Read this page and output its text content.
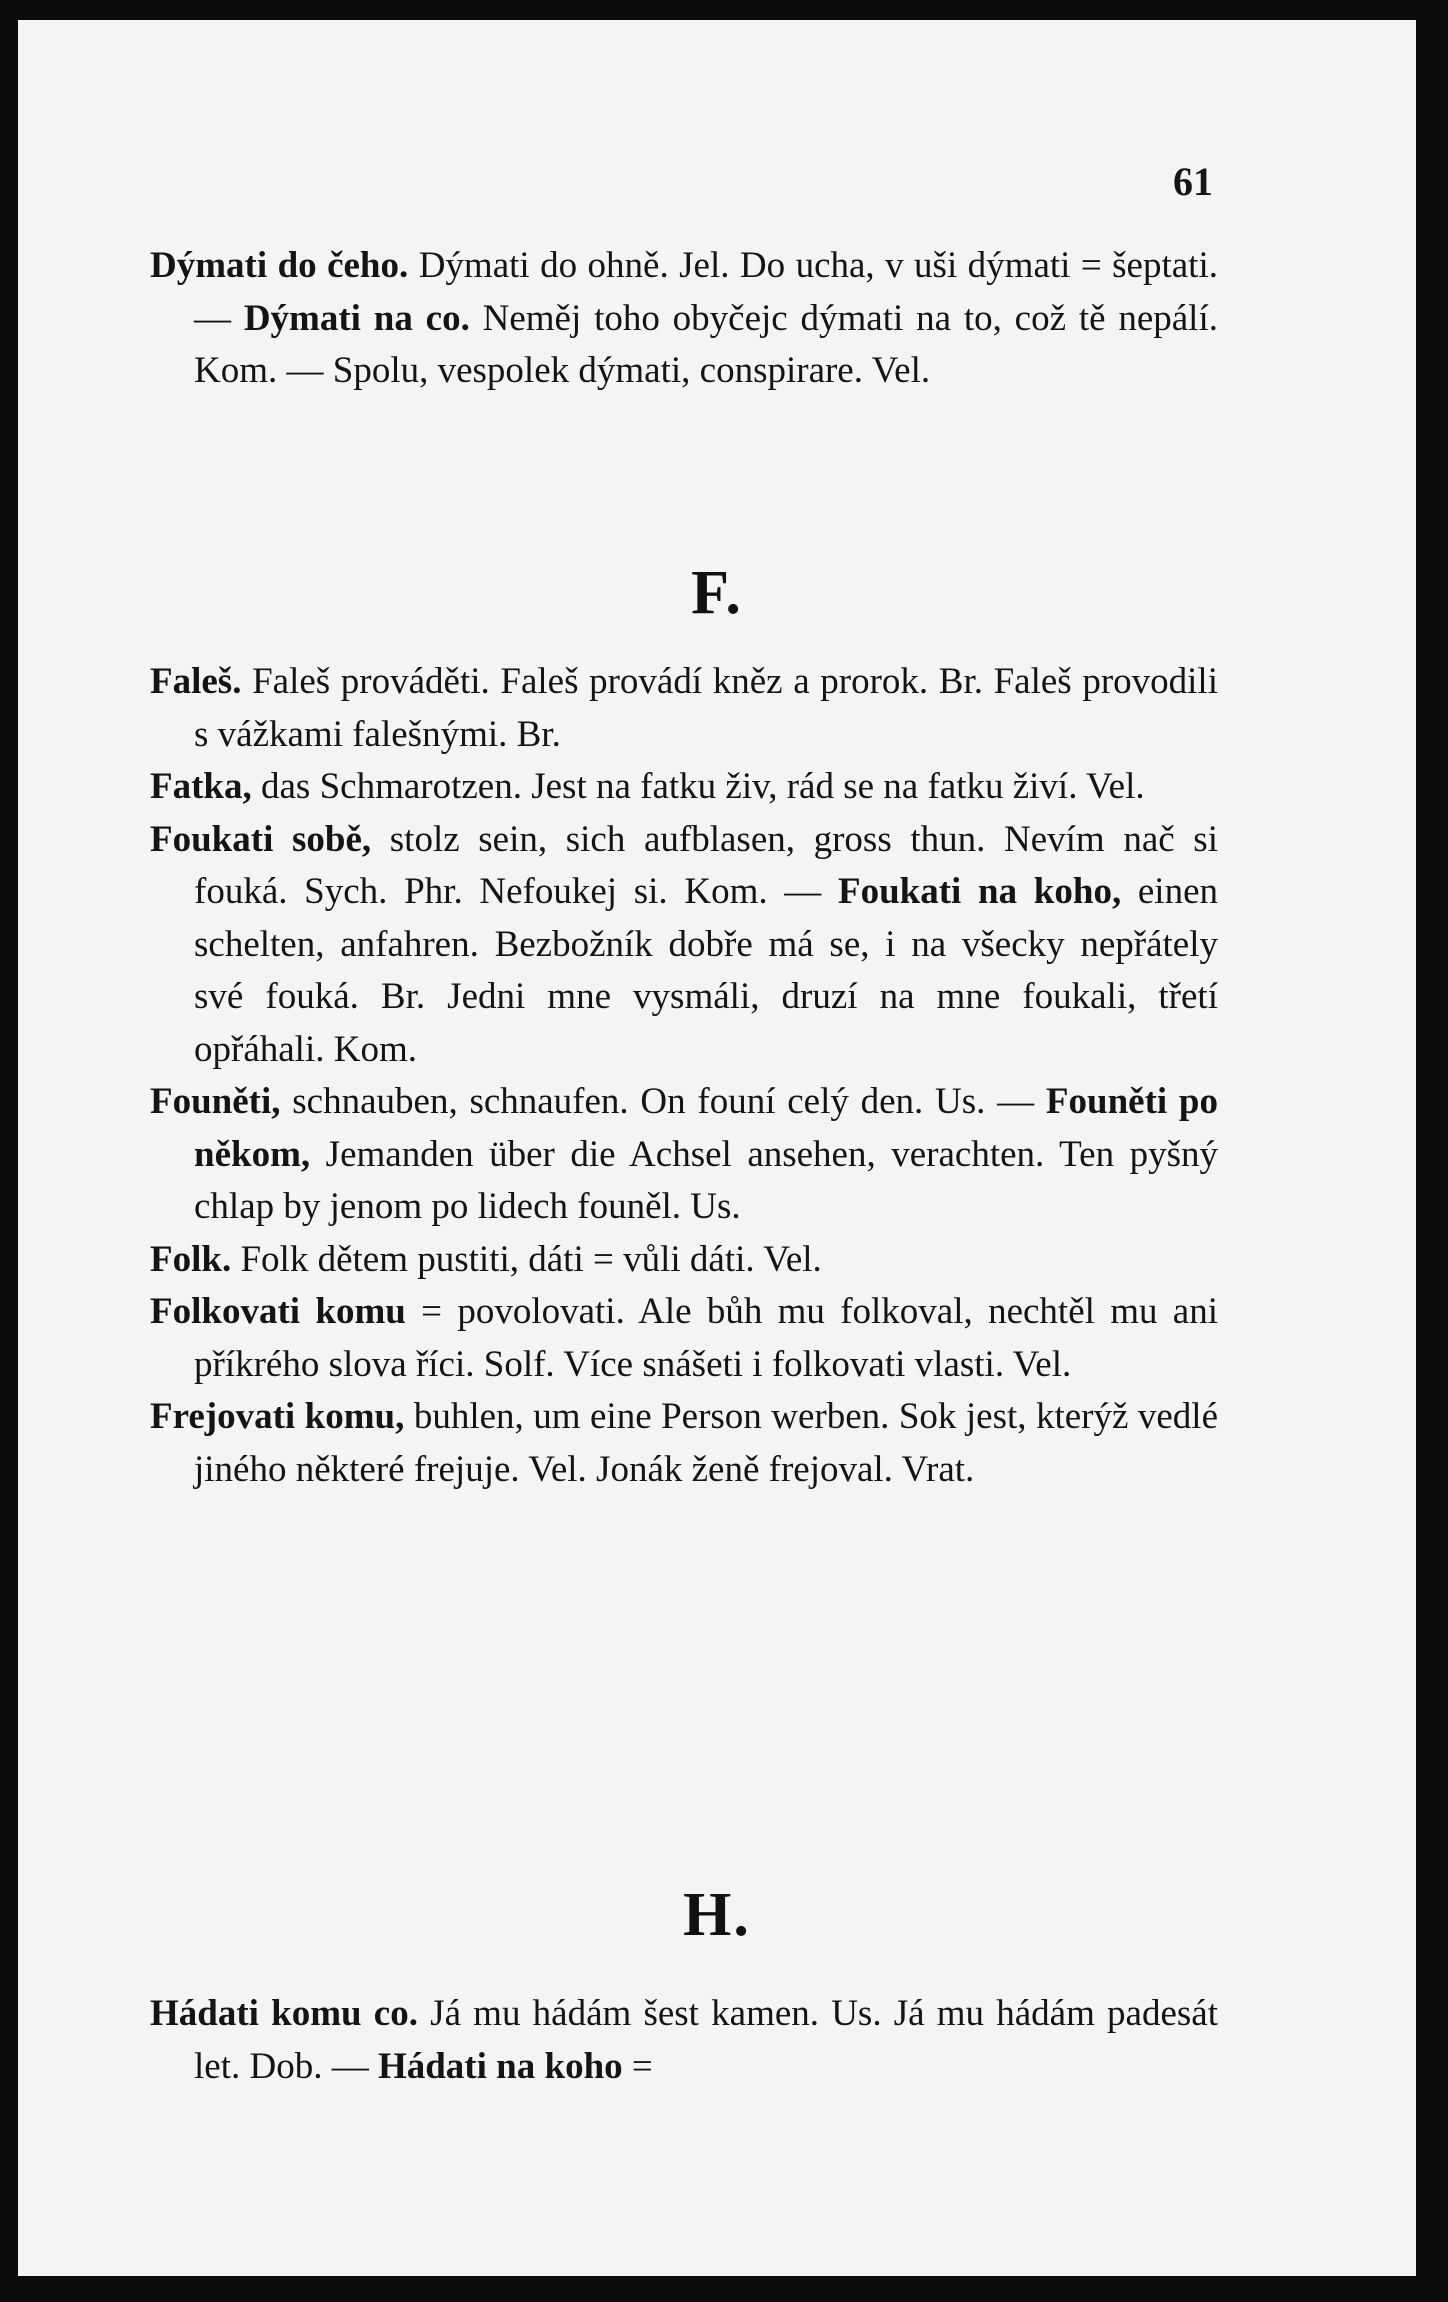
61

Dýmati do čeho. Dýmati do ohně. Jel. Do ucha, v uši dýmati = šeptati. — Dýmati na co. Neměj toho obyčejc dýmati na to, což tě nepálí. Kom. — Spolu, vespolek dýmati, conspirare. Vel.

F.

Faleš. Faleš prováděti. Faleš provádí kněz a prorok. Br. Faleš provodili s vážkami falešnými. Br.

Fatka, das Schmarotzen. Jest na fatku živ, rád se na fatku živí. Vel.

Foukati sobě, stolz sein, sich aufblasen, gross thun. Nevím nač si fouká. Sych. Phr. Nefoukej si. Kom. — Foukati na koho, einen schelten, anfahren. Bezbožník dobře má se, i na všecky nepřátely své fouká. Br. Jedni mne vysmáli, druzí na mne foukali, třetí opřáhali. Kom.

Founěti, schnauben, schnaufen. On founí celý den. Us. — Founěti po někom, Jemanden über die Achsel ansehen, verachten. Ten pyšný chlap by jenom po lidech founěl. Us.

Folk. Folk dětem pustiti, dáti = vůli dáti. Vel.

Folkovati komu = povolovati. Ale bůh mu folkoval, nechtěl mu ani příkrého slova říci. Solf. Více snášeti i folkovati vlasti. Vel.

Frejovati komu, buhlen, um eine Person werben. Sok jest, kterýž vedlé jiného některé frejuje. Vel. Jonák ženě frejoval. Vrat.

H.

Hádati komu co. Já mu hádám šest kamen. Us. Já mu hádám padesát let. Dob. — Hádati na koho =
